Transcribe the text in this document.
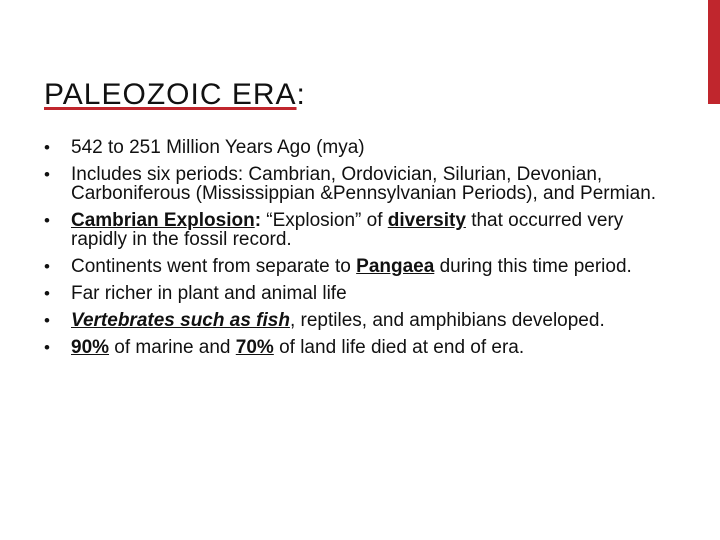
PALEOZOIC ERA:
• 542 to 251 Million Years Ago (mya)
• Includes six periods: Cambrian, Ordovician, Silurian, Devonian, Carboniferous (Mississippian &Pennsylvanian Periods), and Permian.
• Cambrian Explosion: “Explosion” of diversity that occurred very rapidly in the fossil record.
• Continents went from separate to Pangaea during this time period.
• Far richer in plant and animal life
• Vertebrates such as fish, reptiles, and amphibians developed.
• 90% of marine and 70% of land life died at end of era.
